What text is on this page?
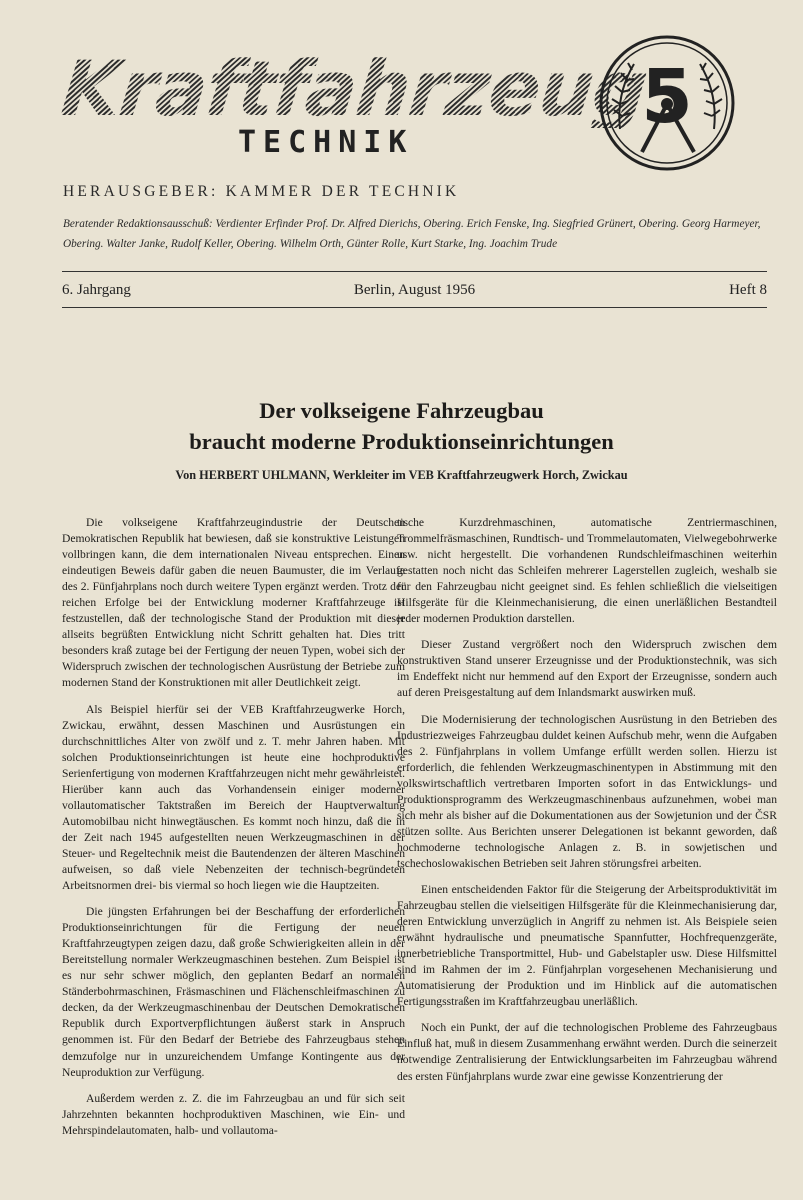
Kraftfahrzeug
TECHNIK
5
HERAUSGEBER: KAMMER DER TECHNIK
Beratender Redaktionsausschuß: Verdienter Erfinder Prof. Dr. Alfred Dierichs, Obering. Erich Fenske, Ing. Siegfried Grünert, Obering. Georg Harmeyer, Obering. Walter Janke, Rudolf Keller, Obering. Wilhelm Orth, Günter Rolle, Kurt Starke, Ing. Joachim Trude
6. Jahrgang	Berlin, August 1956	Heft 8
Der volkseigene Fahrzeugbau
braucht moderne Produktionseinrichtungen
Von HERBERT UHLMANN, Werkleiter im VEB Kraftfahrzeugwerk Horch, Zwickau

Die volkseigene Kraftfahrzeugindustrie der Deutschen Demokratischen Republik hat bewiesen, daß sie konstruktive Leistungen vollbringen kann, die dem internationalen Niveau entsprechen. Einen eindeutigen Beweis dafür gaben die neuen Baumuster, die im Verlaufe des 2. Fünfjahrplans noch durch weitere Typen ergänzt werden. Trotz der reichen Erfolge bei der Entwicklung moderner Kraftfahrzeuge ist festzustellen, daß der technologische Stand der Produktion mit dieser allseits begrüßten Entwicklung nicht Schritt gehalten hat. Dies tritt besonders kraß zutage bei der Fertigung der neuen Typen, wobei sich der Widerspruch zwischen der technologischen Ausrüstung der Betriebe zum modernen Stand der Konstruktionen mit aller Deutlichkeit zeigt.

Als Beispiel hierfür sei der VEB Kraftfahrzeugwerke Horch, Zwickau, erwähnt, dessen Maschinen und Ausrüstungen ein durchschnittliches Alter von zwölf und z. T. mehr Jahren haben. Mit solchen Produktionseinrichtungen ist heute eine hochproduktive Serienfertigung von modernen Kraftfahrzeugen nicht mehr gewährleistet. Hierüber kann auch das Vorhandensein einiger moderner vollautomatischer Taktstraßen im Bereich der Hauptverwaltung Automobilbau nicht hinwegtäuschen. Es kommt noch hinzu, daß die in der Zeit nach 1945 aufgestellten neuen Werkzeugmaschinen in der Steuer- und Regeltechnik meist die Bautendenzen der älteren Maschinen aufweisen, so daß viele Nebenzeiten der technisch-begründeten Arbeitsnormen drei- bis viermal so hoch liegen wie die Hauptzeiten.

Die jüngsten Erfahrungen bei der Beschaffung der erforderlichen Produktionseinrichtungen für die Fertigung der neuen Kraftfahrzeugtypen zeigen dazu, daß große Schwierigkeiten allein in der Bereitstellung normaler Werkzeugmaschinen bestehen. Zum Beispiel ist es nur sehr schwer möglich, den geplanten Bedarf an normalen Ständerbohrmaschinen, Fräsmaschinen und Flächenschleifmaschinen zu decken, da der Werkzeugmaschinenbau der Deutschen Demokratischen Republik durch Exportverpflichtungen äußerst stark in Anspruch genommen ist. Für den Bedarf der Betriebe des Fahrzeugbaus stehen demzufolge nur in unzureichendem Umfange Kontingente aus der Neuproduktion zur Verfügung.

Außerdem werden z. Z. die im Fahrzeugbau an und für sich seit Jahrzehnten bekannten hochproduktiven Maschinen, wie Ein- und Mehrspindelautomaten, halb- und vollautoma-

tische Kurzdrehmaschinen, automatische Zentriermaschinen, Trommelfräsmaschinen, Rundtisch- und Trommelautomaten, Vielwegebohrwerke usw. nicht hergestellt. Die vorhandenen Rundschleifmaschinen weiterhin gestatten noch nicht das Schleifen mehrerer Lagerstellen zugleich, weshalb sie für den Fahrzeugbau nicht geeignet sind. Es fehlen schließlich die vielseitigen Hilfsgeräte für die Kleinmechanisierung, die einen unerläßlichen Bestandteil jeder modernen Produktion darstellen.

Dieser Zustand vergrößert noch den Widerspruch zwischen dem konstruktiven Stand unserer Erzeugnisse und der Produktionstechnik, was sich im Endeffekt nicht nur hemmend auf den Export der Erzeugnisse, sondern auch auf deren Preisgestaltung auf dem Inlandsmarkt auswirken muß.

Die Modernisierung der technologischen Ausrüstung in den Betrieben des Industriezweiges Fahrzeugbau duldet keinen Aufschub mehr, wenn die Aufgaben des 2. Fünfjahrplans in vollem Umfange erfüllt werden sollen. Hierzu ist erforderlich, die fehlenden Werkzeugmaschinentypen in Abstimmung mit den volkswirtschaftlich vertretbaren Importen sofort in das Entwicklungs- und Produktionsprogramm des Werkzeugmaschinenbaus aufzunehmen, wobei man sich mehr als bisher auf die Dokumentationen aus der Sowjetunion und der ČSR stützen sollte. Aus Berichten unserer Delegationen ist bekannt geworden, daß hochmoderne technologische Anlagen z. B. in sowjetischen und tschechoslowakischen Betrieben seit Jahren störungsfrei arbeiten.

Einen entscheidenden Faktor für die Steigerung der Arbeitsproduktivität im Fahrzeugbau stellen die vielseitigen Hilfsgeräte für die Kleinmechanisierung dar, deren Entwicklung unverzüglich in Angriff zu nehmen ist. Als Beispiele seien erwähnt hydraulische und pneumatische Spannfutter, Hochfrequenzgeräte, innerbetriebliche Transportmittel, Hub- und Gabelstapler usw. Diese Hilfsmittel sind im Rahmen der im 2. Fünfjahrplan vorgesehenen Mechanisierung und Automatisierung der Produktion und im Hinblick auf die automatischen Fertigungsstraßen im Kraftfahrzeugbau unerläßlich.

Noch ein Punkt, der auf die technologischen Probleme des Fahrzeugbaus Einfluß hat, muß in diesem Zusammenhang erwähnt werden. Durch die seinerzeit notwendige Zentralisierung der Entwicklungsarbeiten im Fahrzeugbau während des ersten Fünfjahrplans wurde zwar eine gewisse Konzentrierung der
